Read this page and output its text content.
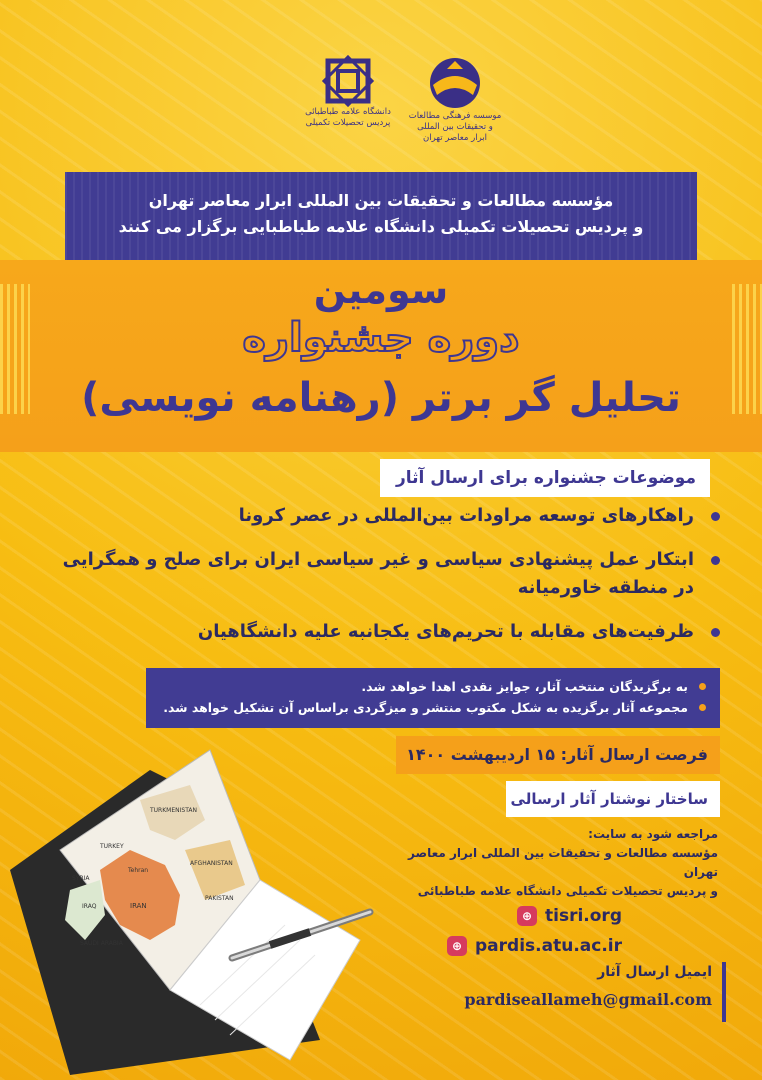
دانشگاه علامه طباطبائی
پردیس تحصیلات تکمیلی
موسسه فرهنگی مطالعات
و تحقیقات بین المللی
ابرار معاصر تهران
مؤسسه مطالعات و تحقیقات بین المللی ابرار معاصر تهران
و پردیس تحصیلات تکمیلی دانشگاه علامه طباطبایی برگزار می کنند
سومین
دوره جشنواره
تحلیل گر برتر (رهنامه نویسی)
موضوعات جشنواره برای ارسال آثار
راهکارهای توسعه مراودات بین‌المللی در عصر کرونا
ابتکار عمل پیشنهادی سیاسی و غیر سیاسی ایران برای صلح و همگرایی در منطقه خاورمیانه
ظرفیت‌های مقابله با تحریم‌های یکجانبه علیه دانشگاهیان
به برگزیدگان منتخب آثار، جوایز نقدی اهدا خواهد شد.
مجموعه آثار برگزیده به شکل مکتوب منتشر و میزگردی براساس آن تشکیل خواهد شد.
فرصت ارسال آثار: ۱۵ اردیبهشت ۱۴۰۰
ساختار نوشتار آثار ارسالی
مراجعه شود به سایت:
مؤسسه مطالعات و تحقیقات بین المللی ابرار معاصر تهران
و پردیس تحصیلات تکمیلی دانشگاه علامه طباطبائی
⊕ tisri.org
⊕ pardis.atu.ac.ir
ایمیل ارسال آثار
pardiseallameh@gmail.com
IRAN
TURKMENISTAN
AFGHANISTAN
PAKISTAN
SAUDI ARABIA
TURKEY
IRAQ
SYRIA
Tehran
